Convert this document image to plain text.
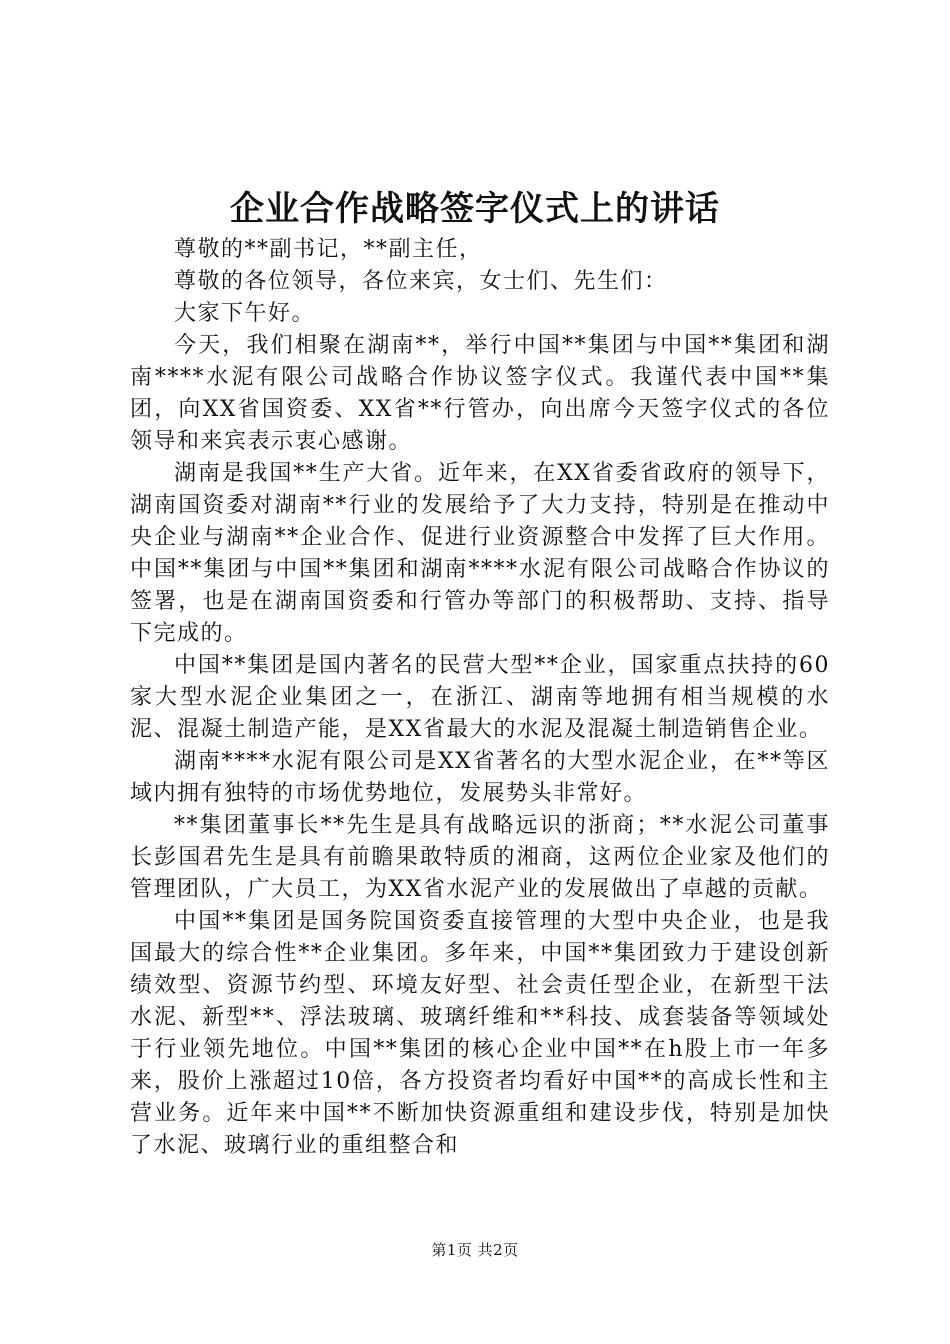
企业合作战略签字仪式上的讲话

尊敬的**副书记，**副主任，

尊敬的各位领导，各位来宾，女士们、先生们：

大家下午好。

今天，我们相聚在湖南**，举行中国**集团与中国**集团和湖南****水泥有限公司战略合作协议签字仪式。我谨代表中国**集团，向XX省国资委、XX省**行管办，向出席今天签字仪式的各位领导和来宾表示衷心感谢。

湖南是我国**生产大省。近年来，在XX省委省政府的领导下，湖南国资委对湖南**行业的发展给予了大力支持，特别是在推动中央企业与湖南**企业合作、促进行业资源整合中发挥了巨大作用。中国**集团与中国**集团和湖南****水泥有限公司战略合作协议的签署，也是在湖南国资委和行管办等部门的积极帮助、支持、指导下完成的。

中国**集团是国内著名的民营大型**企业，国家重点扶持的60家大型水泥企业集团之一，在浙江、湖南等地拥有相当规模的水泥、混凝土制造产能，是XX省最大的水泥及混凝土制造销售企业。

湖南****水泥有限公司是XX省著名的大型水泥企业，在**等区域内拥有独特的市场优势地位，发展势头非常好。

**集团董事长**先生是具有战略远识的浙商；**水泥公司董事长彭国君先生是具有前瞻果敢特质的湘商，这两位企业家及他们的管理团队，广大员工，为XX省水泥产业的发展做出了卓越的贡献。

中国**集团是国务院国资委直接管理的大型中央企业，也是我国最大的综合性**企业集团。多年来，中国**集团致力于建设创新绩效型、资源节约型、环境友好型、社会责任型企业，在新型干法水泥、新型**、浮法玻璃、玻璃纤维和**科技、成套装备等领域处于行业领先地位。中国**集团的核心企业中国**在h股上市一年多来，股价上涨超过10倍，各方投资者均看好中国**的高成长性和主营业务。近年来中国**不断加快资源重组和建设步伐，特别是加快了水泥、玻璃行业的重组整合和

第1页 共2页
